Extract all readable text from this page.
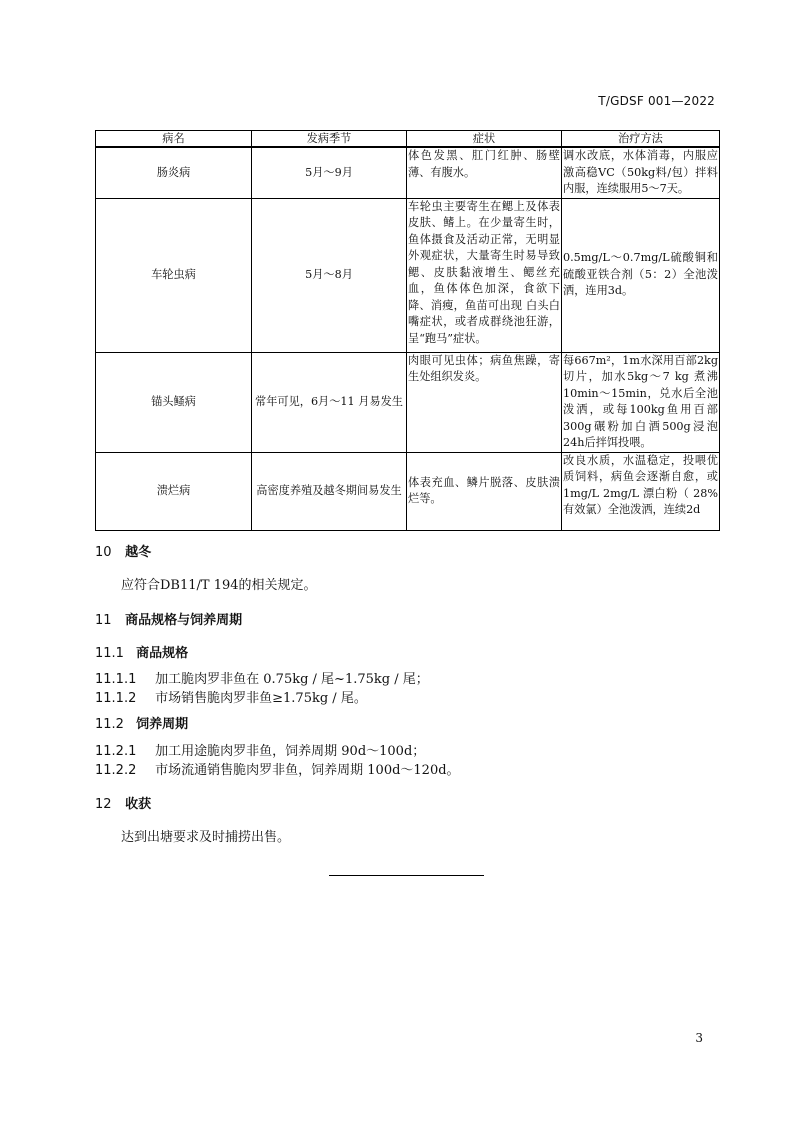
T/GDSF 001—2022
病名	发病季节	症状	治疗方法
肠炎病	5月～9月	体色发黑、肛门红肿、肠壁薄、有腹水。	调水改底，水体消毒，内服应激高稳VC（50kg料/包）拌料内服，连续服用5～7天。
车轮虫病	5月～8月	车轮虫主要寄生在鳃上及体表皮肤、鳍上。在少量寄生时，鱼体摄食及活动正常，无明显外观症状，大量寄生时易导致鳃、皮肤黏液增生、鳃丝充血，鱼体体色加深，食欲下降、消瘦，鱼苗可出现 白头白嘴症状，或者成群绕池狂游，呈“跑马”症状。	0.5mg/L～0.7mg/L硫酸铜和硫酸亚铁合剂（5：2）全池泼洒，连用3d。
锚头鳋病	常年可见，6月～11 月易发生	肉眼可见虫体；病鱼焦躁，寄生处组织发炎。	每667m²，1m水深用百部2kg切片，加水5kg～7 kg 煮沸10min～15min，兑水后全池泼洒，或每100kg鱼用百部300g碾粉加白酒500g浸泡24h后拌饵投喂。
溃烂病	高密度养殖及越冬期间易发生	体表充血、鳞片脱落、皮肤溃烂等。	改良水质，水温稳定，投喂优质饲料，病鱼会逐渐自愈，或 1mg/L 2mg/L 漂白粉（ 28% 有效氯）全池泼洒，连续2d
10 越冬
应符合DB11/T 194的相关规定。
11 商品规格与饲养周期
11.1 商品规格
11.1.1 加工脆肉罗非鱼在 0.75kg / 尾~1.75kg / 尾；
11.1.2 市场销售脆肉罗非鱼≥1.75kg / 尾。
11.2 饲养周期
11.2.1 加工用途脆肉罗非鱼，饲养周期 90d～100d；
11.2.2 市场流通销售脆肉罗非鱼，饲养周期 100d～120d。
12 收获
达到出塘要求及时捕捞出售。
3
